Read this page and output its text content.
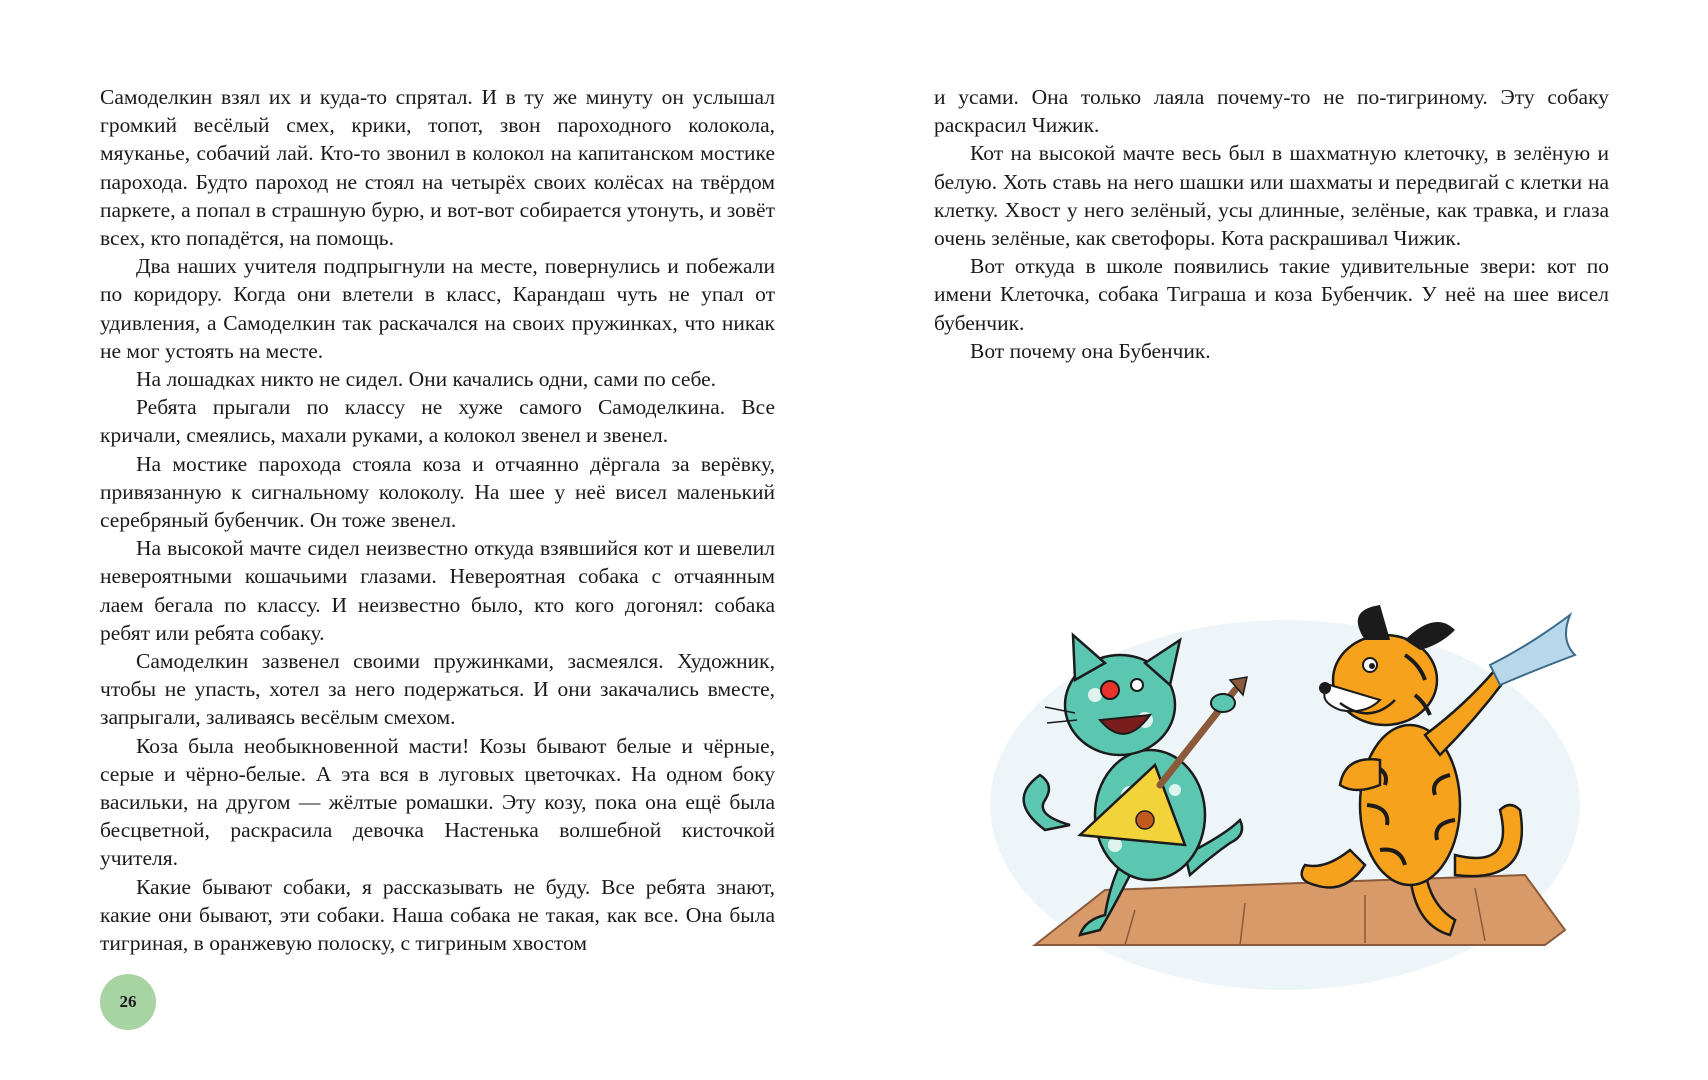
Самоделкин взял их и куда-то спрятал. И в ту же минуту он услышал громкий весёлый смех, крики, топот, звон пароходного колокола, мяуканье, собачий лай. Кто-то звонил в колокол на капитанском мостике парохода. Будто пароход не стоял на четырёх своих колёсах на твёрдом паркете, а попал в страшную бурю, и вот-вот собирается утонуть, и зовёт всех, кто попадётся, на помощь.

Два наших учителя подпрыгнули на месте, повернулись и побежали по коридору. Когда они влетели в класс, Карандаш чуть не упал от удивления, а Самоделкин так раскачался на своих пружинках, что никак не мог устоять на месте.

На лошадках никто не сидел. Они качались одни, сами по себе.

Ребята прыгали по классу не хуже самого Самоделкина. Все кричали, смеялись, махали руками, а колокол звенел и звенел.

На мостике парохода стояла коза и отчаянно дёргала за верёвку, привязанную к сигнальному колоколу. На шее у неё висел маленький серебряный бубенчик. Он тоже звенел.

На высокой мачте сидел неизвестно откуда взявшийся кот и шевелил невероятными кошачьими глазами. Невероятная собака с отчаянным лаем бегала по классу. И неизвестно было, кто кого догонял: собака ребят или ребята собаку.

Самоделкин зазвенел своими пружинками, засмеялся. Художник, чтобы не упасть, хотел за него подержаться. И они закачались вместе, запрыгали, заливаясь весёлым смехом.

Коза была необыкновенной масти! Козы бывают белые и чёрные, серые и чёрно-белые. А эта вся в луговых цветочках. На одном боку васильки, на другом — жёлтые ромашки. Эту козу, пока она ещё была бесцветной, раскрасила девочка Настенька волшебной кисточкой учителя.

Какие бывают собаки, я рассказывать не буду. Все ребята знают, какие они бывают, эти собаки. Наша собака не такая, как все. Она была тигриная, в оранжевую полоску, с тигриным хвостом

и усами. Она только лаяла почему-то не по-тигриному. Эту собаку раскрасил Чижик.

Кот на высокой мачте весь был в шахматную клеточку, в зелёную и белую. Хоть ставь на него шашки или шахматы и передвигай с клетки на клетку. Хвост у него зелёный, усы длинные, зелёные, как травка, и глаза очень зелёные, как светофоры. Кота раскрашивал Чижик.

Вот откуда в школе появились такие удивительные звери: кот по имени Клеточка, собака Тиграша и коза Бубенчик. У неё на шее висел бубенчик.

Вот почему она Бубенчик.

26
